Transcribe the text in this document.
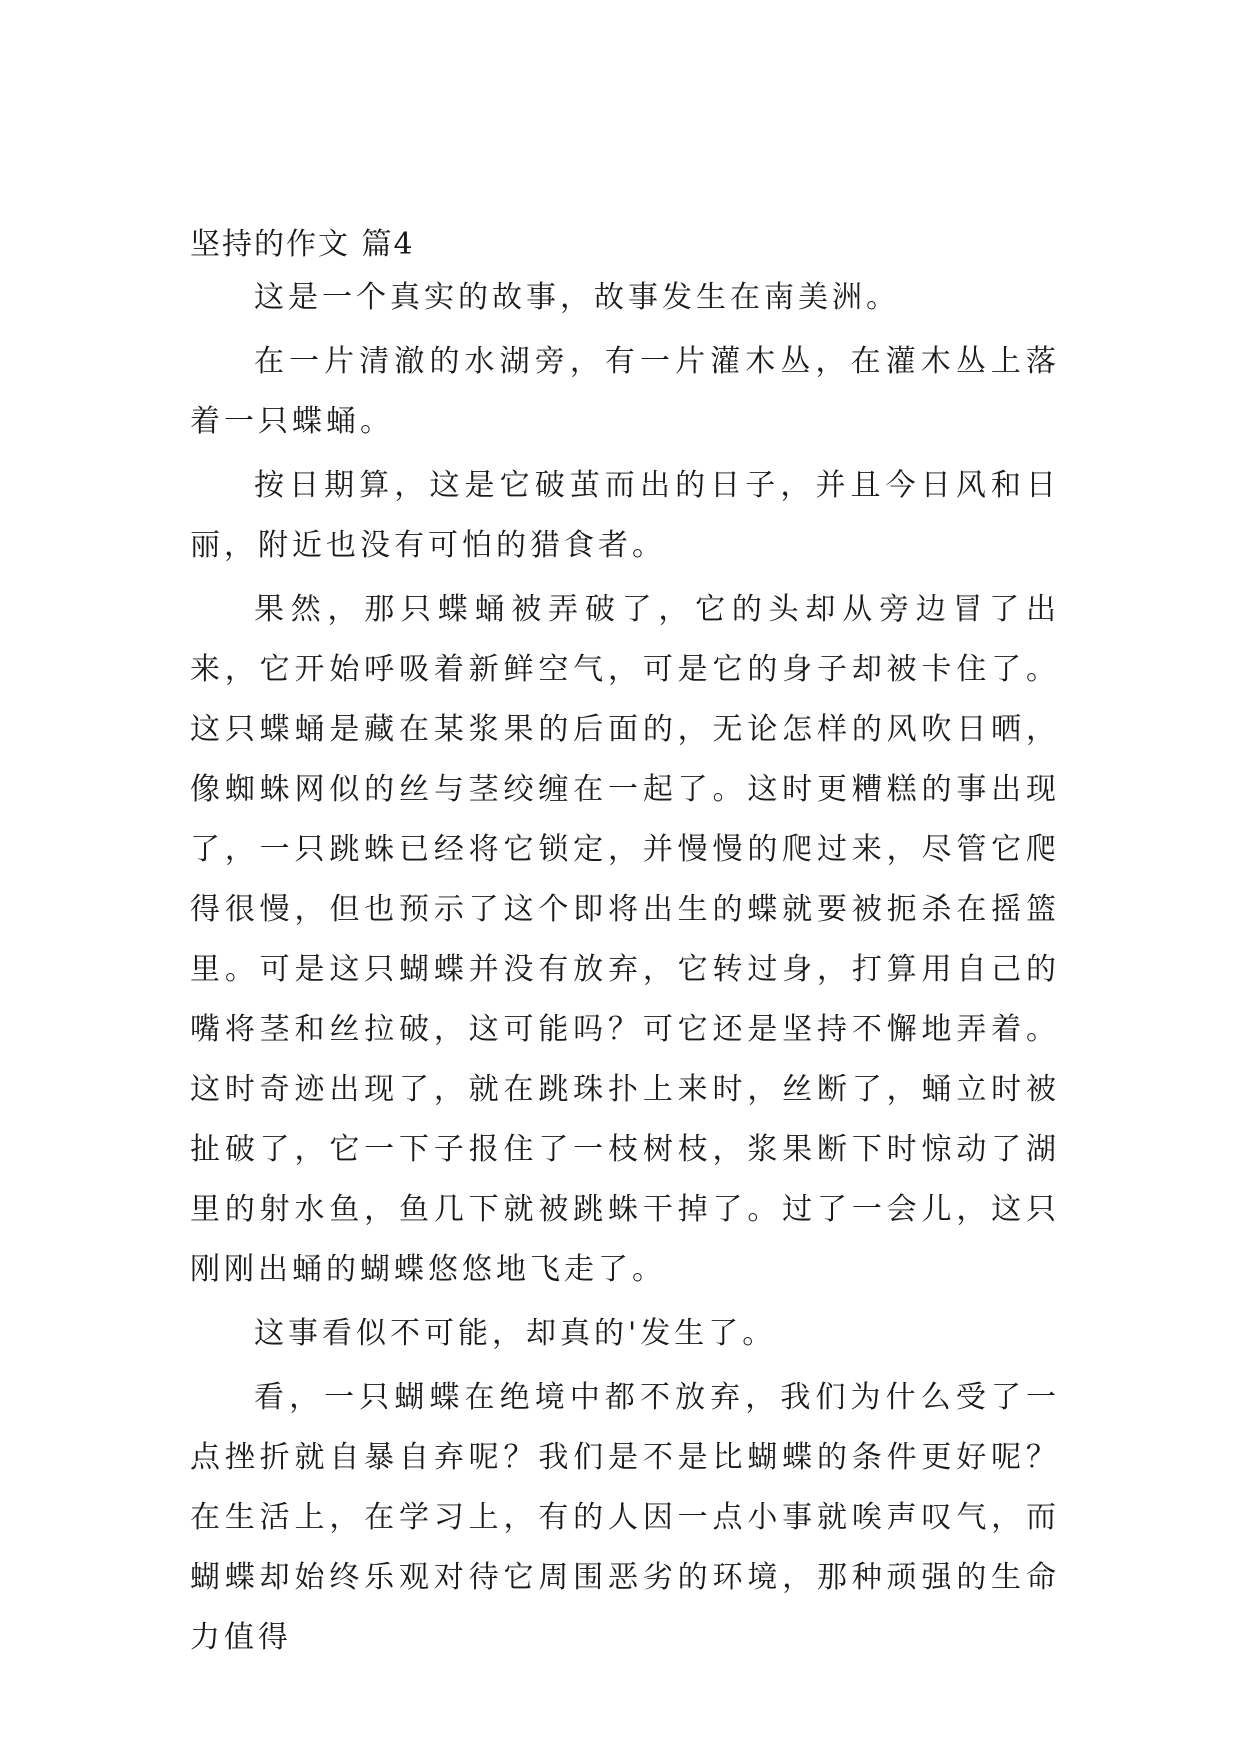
坚持的作文 篇4

这是一个真实的故事，故事发生在南美洲。

在一片清澈的水湖旁，有一片灌木丛，在灌木丛上落着一只蝶蛹。

按日期算，这是它破茧而出的日子，并且今日风和日丽，附近也没有可怕的猎食者。

果然，那只蝶蛹被弄破了，它的头却从旁边冒了出来，它开始呼吸着新鲜空气，可是它的身子却被卡住了。这只蝶蛹是藏在某浆果的后面的，无论怎样的风吹日晒，像蜘蛛网似的丝与茎绞缠在一起了。这时更糟糕的事出现了，一只跳蛛已经将它锁定，并慢慢的爬过来，尽管它爬得很慢，但也预示了这个即将出生的蝶就要被扼杀在摇篮里。可是这只蝴蝶并没有放弃，它转过身，打算用自己的嘴将茎和丝拉破，这可能吗？可它还是坚持不懈地弄着。这时奇迹出现了，就在跳珠扑上来时，丝断了，蛹立时被扯破了，它一下子报住了一枝树枝，浆果断下时惊动了湖里的射水鱼，鱼几下就被跳蛛干掉了。过了一会儿，这只刚刚出蛹的蝴蝶悠悠地飞走了。

这事看似不可能，却真的'发生了。

看，一只蝴蝶在绝境中都不放弃，我们为什么受了一点挫折就自暴自弃呢？我们是不是比蝴蝶的条件更好呢？在生活上，在学习上，有的人因一点小事就唉声叹气，而蝴蝶却始终乐观对待它周围恶劣的环境，那种顽强的生命力值得
